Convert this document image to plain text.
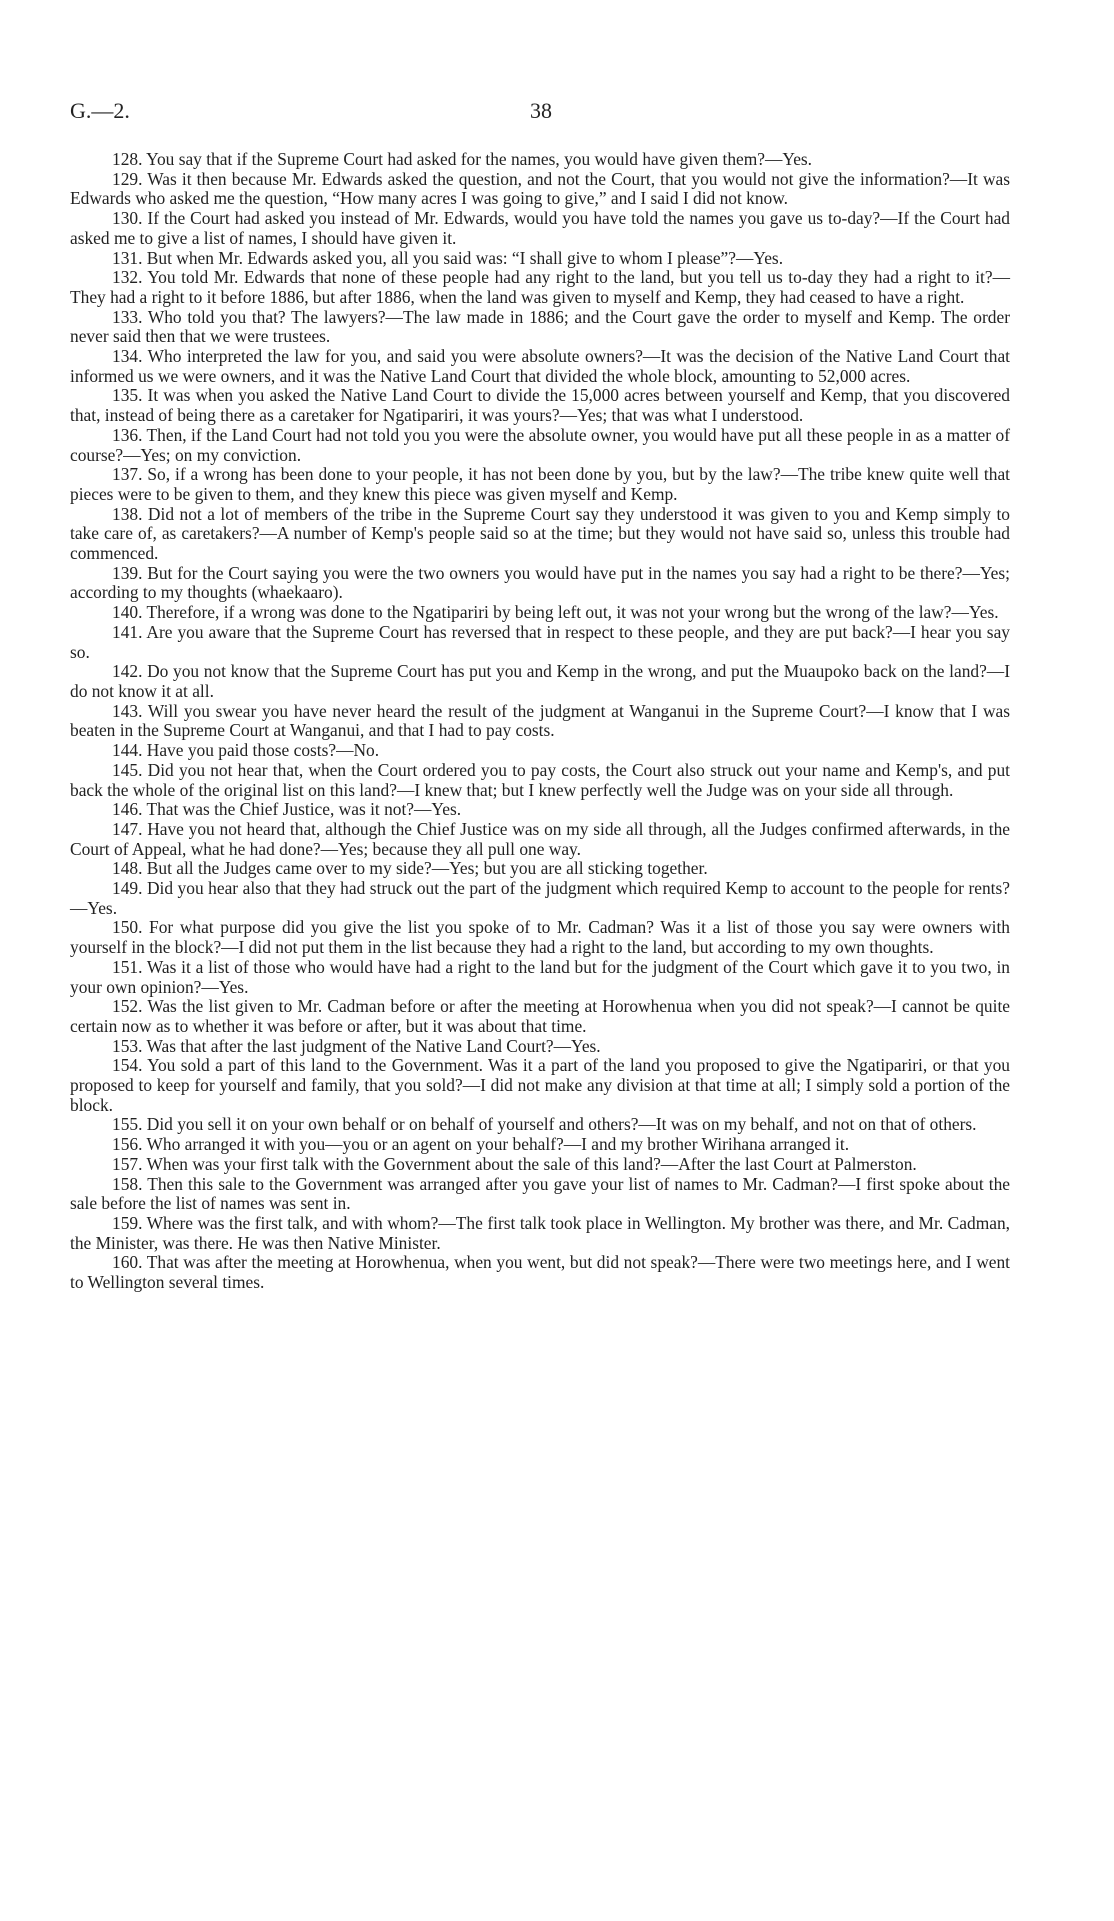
G.—2.	38

128. You say that if the Supreme Court had asked for the names, you would have given them?—Yes.

129. Was it then because Mr. Edwards asked the question, and not the Court, that you would not give the information?—It was Edwards who asked me the question, “How many acres I was going to give,” and I said I did not know.

130. If the Court had asked you instead of Mr. Edwards, would you have told the names you gave us to-day?—If the Court had asked me to give a list of names, I should have given it.

131. But when Mr. Edwards asked you, all you said was: “I shall give to whom I please”?—Yes.

132. You told Mr. Edwards that none of these people had any right to the land, but you tell us to-day they had a right to it?—They had a right to it before 1886, but after 1886, when the land was given to myself and Kemp, they had ceased to have a right.

133. Who told you that? The lawyers?—The law made in 1886; and the Court gave the order to myself and Kemp. The order never said then that we were trustees.

134. Who interpreted the law for you, and said you were absolute owners?—It was the decision of the Native Land Court that informed us we were owners, and it was the Native Land Court that divided the whole block, amounting to 52,000 acres.

135. It was when you asked the Native Land Court to divide the 15,000 acres between yourself and Kemp, that you discovered that, instead of being there as a caretaker for Ngatipariri, it was yours?—Yes; that was what I understood.

136. Then, if the Land Court had not told you you were the absolute owner, you would have put all these people in as a matter of course?—Yes; on my conviction.

137. So, if a wrong has been done to your people, it has not been done by you, but by the law?—The tribe knew quite well that pieces were to be given to them, and they knew this piece was given myself and Kemp.

138. Did not a lot of members of the tribe in the Supreme Court say they understood it was given to you and Kemp simply to take care of, as caretakers?—A number of Kemp's people said so at the time; but they would not have said so, unless this trouble had commenced.

139. But for the Court saying you were the two owners you would have put in the names you say had a right to be there?—Yes; according to my thoughts (whaekaaro).

140. Therefore, if a wrong was done to the Ngatipariri by being left out, it was not your wrong but the wrong of the law?—Yes.

141. Are you aware that the Supreme Court has reversed that in respect to these people, and they are put back?—I hear you say so.

142. Do you not know that the Supreme Court has put you and Kemp in the wrong, and put the Muaupoko back on the land?—I do not know it at all.

143. Will you swear you have never heard the result of the judgment at Wanganui in the Supreme Court?—I know that I was beaten in the Supreme Court at Wanganui, and that I had to pay costs.

144. Have you paid those costs?—No.

145. Did you not hear that, when the Court ordered you to pay costs, the Court also struck out your name and Kemp's, and put back the whole of the original list on this land?—I knew that; but I knew perfectly well the Judge was on your side all through.

146. That was the Chief Justice, was it not?—Yes.

147. Have you not heard that, although the Chief Justice was on my side all through, all the Judges confirmed afterwards, in the Court of Appeal, what he had done?—Yes; because they all pull one way.

148. But all the Judges came over to my side?—Yes; but you are all sticking together.

149. Did you hear also that they had struck out the part of the judgment which required Kemp to account to the people for rents?—Yes.

150. For what purpose did you give the list you spoke of to Mr. Cadman? Was it a list of those you say were owners with yourself in the block?—I did not put them in the list because they had a right to the land, but according to my own thoughts.

151. Was it a list of those who would have had a right to the land but for the judgment of the Court which gave it to you two, in your own opinion?—Yes.

152. Was the list given to Mr. Cadman before or after the meeting at Horowhenua when you did not speak?—I cannot be quite certain now as to whether it was before or after, but it was about that time.

153. Was that after the last judgment of the Native Land Court?—Yes.

154. You sold a part of this land to the Government. Was it a part of the land you proposed to give the Ngatipariri, or that you proposed to keep for yourself and family, that you sold?—I did not make any division at that time at all; I simply sold a portion of the block.

155. Did you sell it on your own behalf or on behalf of yourself and others?—It was on my behalf, and not on that of others.

156. Who arranged it with you—you or an agent on your behalf?—I and my brother Wirihana arranged it.

157. When was your first talk with the Government about the sale of this land?—After the last Court at Palmerston.

158. Then this sale to the Government was arranged after you gave your list of names to Mr. Cadman?—I first spoke about the sale before the list of names was sent in.

159. Where was the first talk, and with whom?—The first talk took place in Wellington. My brother was there, and Mr. Cadman, the Minister, was there. He was then Native Minister.

160. That was after the meeting at Horowhenua, when you went, but did not speak?—There were two meetings here, and I went to Wellington several times.
